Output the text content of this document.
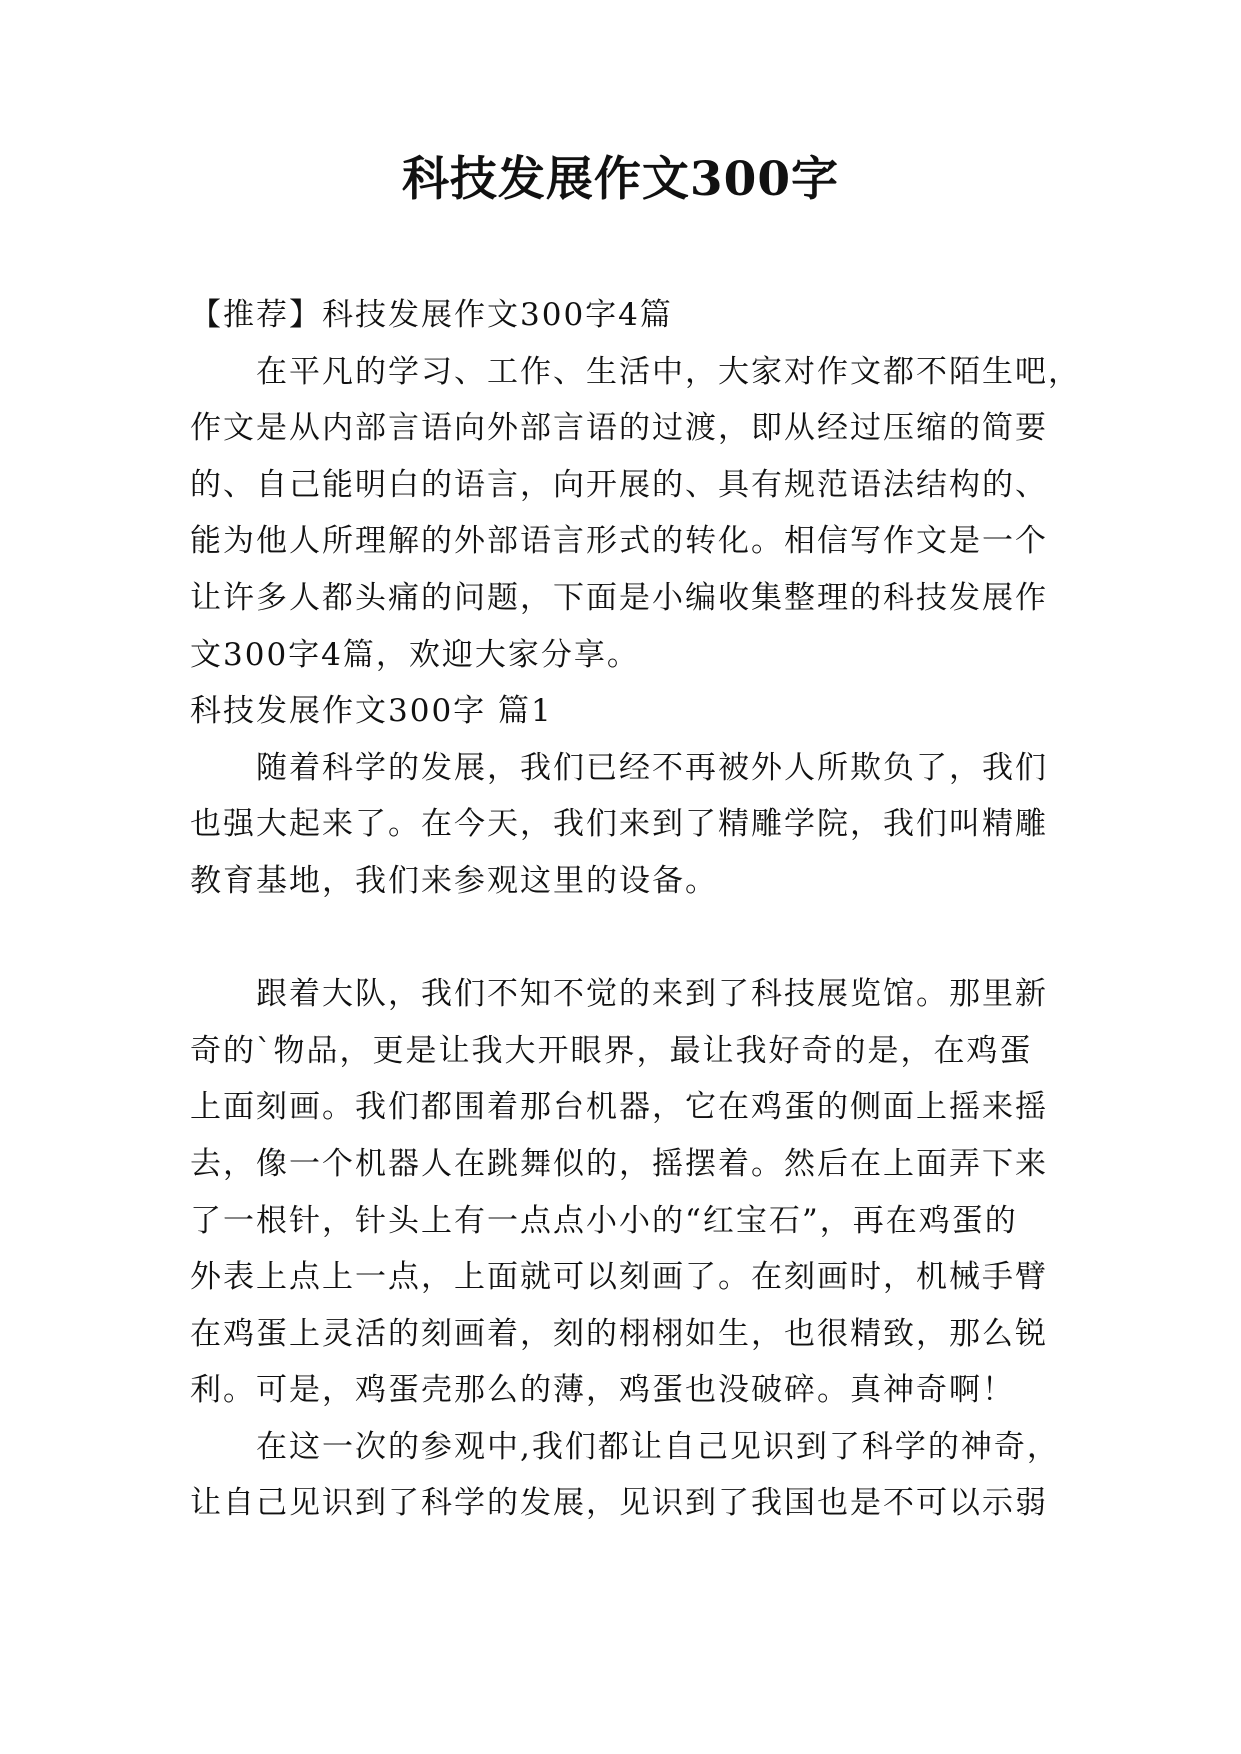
科技发展作文300字
【推荐】科技发展作文300字4篇
在平凡的学习、工作、生活中，大家对作文都不陌生吧，
作文是从内部言语向外部言语的过渡，即从经过压缩的简要
的、自己能明白的语言，向开展的、具有规范语法结构的、
能为他人所理解的外部语言形式的转化。相信写作文是一个
让许多人都头痛的问题，下面是小编收集整理的科技发展作
文300字4篇，欢迎大家分享。
科技发展作文300字 篇1
随着科学的发展，我们已经不再被外人所欺负了，我们
也强大起来了。在今天，我们来到了精雕学院，我们叫精雕
教育基地，我们来参观这里的设备。
跟着大队，我们不知不觉的来到了科技展览馆。那里新
奇的`物品，更是让我大开眼界，最让我好奇的是，在鸡蛋
上面刻画。我们都围着那台机器，它在鸡蛋的侧面上摇来摇
去，像一个机器人在跳舞似的，摇摆着。然后在上面弄下来
了一根针，针头上有一点点小小的“红宝石”，再在鸡蛋的
外表上点上一点，上面就可以刻画了。在刻画时，机械手臂
在鸡蛋上灵活的刻画着，刻的栩栩如生，也很精致，那么锐
利。可是，鸡蛋壳那么的薄，鸡蛋也没破碎。真神奇啊！
在这一次的参观中,我们都让自己见识到了科学的神奇，
让自己见识到了科学的发展，见识到了我国也是不可以示弱
